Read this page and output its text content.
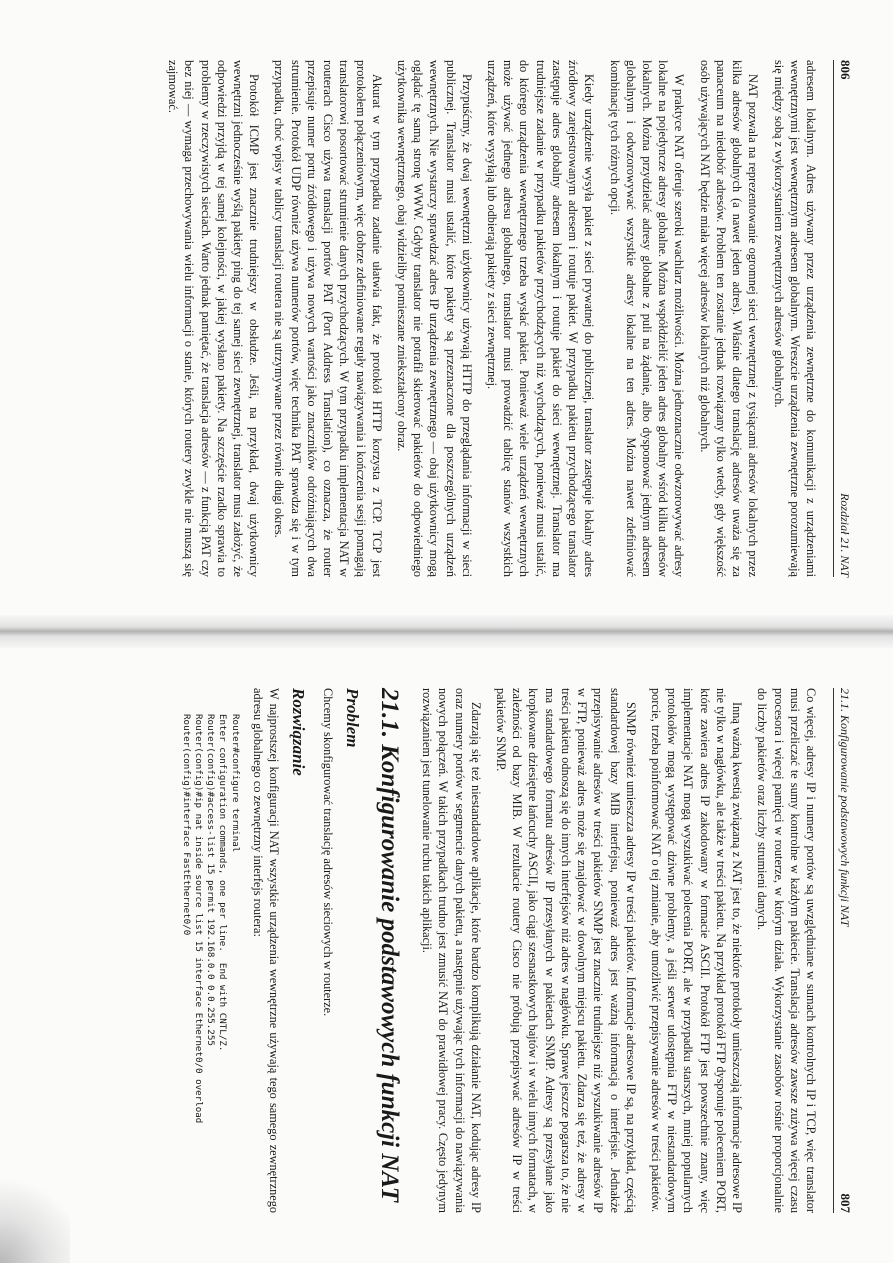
806
Rozdział 21. NAT

adresem lokalnym. Adres używany przez urządzenia zewnętrzne do komunikacji z urządzeniami wewnętrznymi jest wewnętrznym adresem globalnym. Wreszcie urządzenia zewnętrzne porozumiewają się między sobą z wykorzystaniem zewnętrznych adresów globalnych.

NAT pozwala na reprezentowanie ogromnej sieci wewnętrznej z tysiącami adresów lokalnych przez kilka adresów globalnych (a nawet jeden adres). Właśnie dlatego translację adresów uważa się za panaceum na niedobór adresów. Problem ten zostanie jednak rozwiązany tylko wtedy, gdy większość osób używających NAT będzie miała więcej adresów lokalnych niż globalnych.

W praktyce NAT oferuje szeroki wachlarz możliwości. Można jednoznacznie odwzorowywać adresy lokalne na pojedyncze adresy globalne. Można współdzielić jeden adres globalny wśród kilku adresów lokalnych. Można przydzielać adresy globalne z puli na żądanie, albo dysponować jednym adresem globalnym i odwzorowywać wszystkie adresy lokalne na ten adres. Można nawet zdefiniować kombinację tych różnych opcji.

Kiedy urządzenie wysyła pakiet z sieci prywatnej do publicznej, translator zastępuje lokalny adres źródłowy zarejestrowanym adresem i routuje pakiet. W przypadku pakietu przychodzącego translator zastępuje adres globalny adresem lokalnym i routuje pakiet do sieci wewnętrznej. Translator ma trudniejsze zadanie w przypadku pakietów przychodzących niż wychodzących, ponieważ musi ustalić, do którego urządzenia wewnętrznego trzeba wysłać pakiet. Ponieważ wiele urządzeń wewnętrznych może używać jednego adresu globalnego, translator musi prowadzić tablicę stanów wszystkich urządzeń, które wysyłają lub odbierają pakiety z sieci zewnętrznej.

Przypuśćmy, że dwaj wewnętrzni użytkownicy używają HTTP do przeglądania informacji w sieci publicznej. Translator musi ustalić, które pakiety są przeznaczone dla poszczególnych urządzeń wewnętrznych. Nie wystarczy sprawdzać adres IP urządzenia zewnętrznego — obaj użytkownicy mogą oglądać tę samą stronę WWW. Gdyby translator nie potrafił skierować pakietów do odpowiedniego użytkownika wewnętrznego, obaj widzieliby pomieszane zniekształcony obraz.

Akurat w tym przypadku zadanie ułatwia fakt, że protokół HTTP korzysta z TCP. TCP jest protokołem połączeniowym, więc dobrze zdefiniowane reguły nawiązywania i kończenia sesji pomagają translatorowi posortować strumienie danych przychodzących. W tym przypadku implementacja NAT w routerach Cisco używa translacji portów PAT (Port Address Translation), co oznacza, że router przepisuje numer portu źródłowego i używa nowych wartości jako znaczników odróżniających dwa strumienie. Protokół UDP również używa numerów portów, więc technika PAT sprawdza się i w tym przypadku, choć wpisy w tablicy translacji routera nie są utrzymywane przez równie długi okres.

Protokół ICMP jest znacznie trudniejszy w obsłudze. Jeśli, na przykład, dwaj użytkownicy wewnętrzni jednocześnie wyślą pakiety ping do tej samej sieci zewnętrznej, translator musi założyć, że odpowiedzi przyjdą w tej samej kolejności, w jakiej wysłano pakiety. Na szczęście rzadko sprawia to problemy w rzeczywistych sieciach. Warto jednak pamiętać, że translacja adresów — z funkcją PAT czy bez niej — wymaga przechowywania wielu informacji o stanie, których routery zwykle nie muszą się zajmować.

21.1. Konfigurowanie podstawowych funkcji NAT
807

Co więcej, adresy IP i numery portów są uwzględniane w sumach kontrolnych IP i TCP, więc translator musi przeliczać te sumy kontrolne w każdym pakiecie. Translacja adresów zawsze zużywa więcej czasu procesora i więcej pamięci w routerze, w którym działa. Wykorzystanie zasobów rośnie proporcjonalnie do liczby pakietów oraz liczby strumieni danych.

Inną ważną kwestią związaną z NAT jest to, że niektóre protokoły umieszczają informacje adresowe IP nie tylko w nagłówku, ale także w treści pakietu. Na przykład protokół FTP dysponuje poleceniem PORT, które zawiera adres IP zakodowany w formacie ASCII. Protokół FTP jest powszechnie znany, więc implementacje NAT mogą wyszukiwać polecenia PORT, ale w przypadku starszych, mniej popularnych protokołów mogą występować dziwne problemy, a jeśli serwer udostępnia FTP w niestandardowym porcie, trzeba poinformować NAT o tej zmianie, aby umożliwić przepisywanie adresów w treści pakietów.

SNMP również umieszcza adresy IP w treści pakietów. Informacje adresowe IP są, na przykład, częścią standardowej bazy MIB interfejsu, ponieważ adres jest ważną informacją o interfejsie. Jednakże przepisywanie adresów w treści pakietów SNMP jest znacznie trudniejsze niż wyszukiwanie adresów IP w FTP, ponieważ adres może się znajdować w dowolnym miejscu pakietu. Zdarza się też, że adresy w treści pakietu odnoszą się do innych interfejsów niż adres w nagłówku. Sprawę jeszcze pogarsza to, że nie ma standardowego formatu adresów IP przesyłanych w pakietach SNMP. Adresy są przesyłane jako kropkowane dziesiętne łańcuchy ASCII, jako ciągi szesnastkowych bajtów i w wielu innych formatach, w zależności od bazy MIB. W rezultacie routery Cisco nie próbują przepisywać adresów IP w treści pakietów SNMP.

Zdarzają się też niestandardowe aplikacje, które bardzo komplikują działanie NAT, kodując adresy IP oraz numery portów w segmencie danych pakietu, a następnie używając tych informacji do nawiązywania nowych połączeń. W takich przypadkach trudno jest zmusić NAT do prawidłowej pracy. Często jedynym rozwiązaniem jest tunelowanie ruchu takich aplikacji.

21.1. Konfigurowanie podstawowych funkcji NAT
Problem

Chcemy skonfigurować translację adresów sieciowych w routerze.

Rozwiązanie

W najprostszej konfiguracji NAT wszystkie urządzenia wewnętrzne używają tego samego zewnętrznego adresu globalnego co zewnętrzny interfejs routera:

Router#configure terminal
Enter configuration commands, one per line.  End with CNTL/Z.
Router(config)#access-list 15 permit 192.168.0.0 0.0.255.255
Router(config)#ip nat inside source list 15 interface Ethernet0/0 overload
Router(config)#interface FastEthernet0/0
